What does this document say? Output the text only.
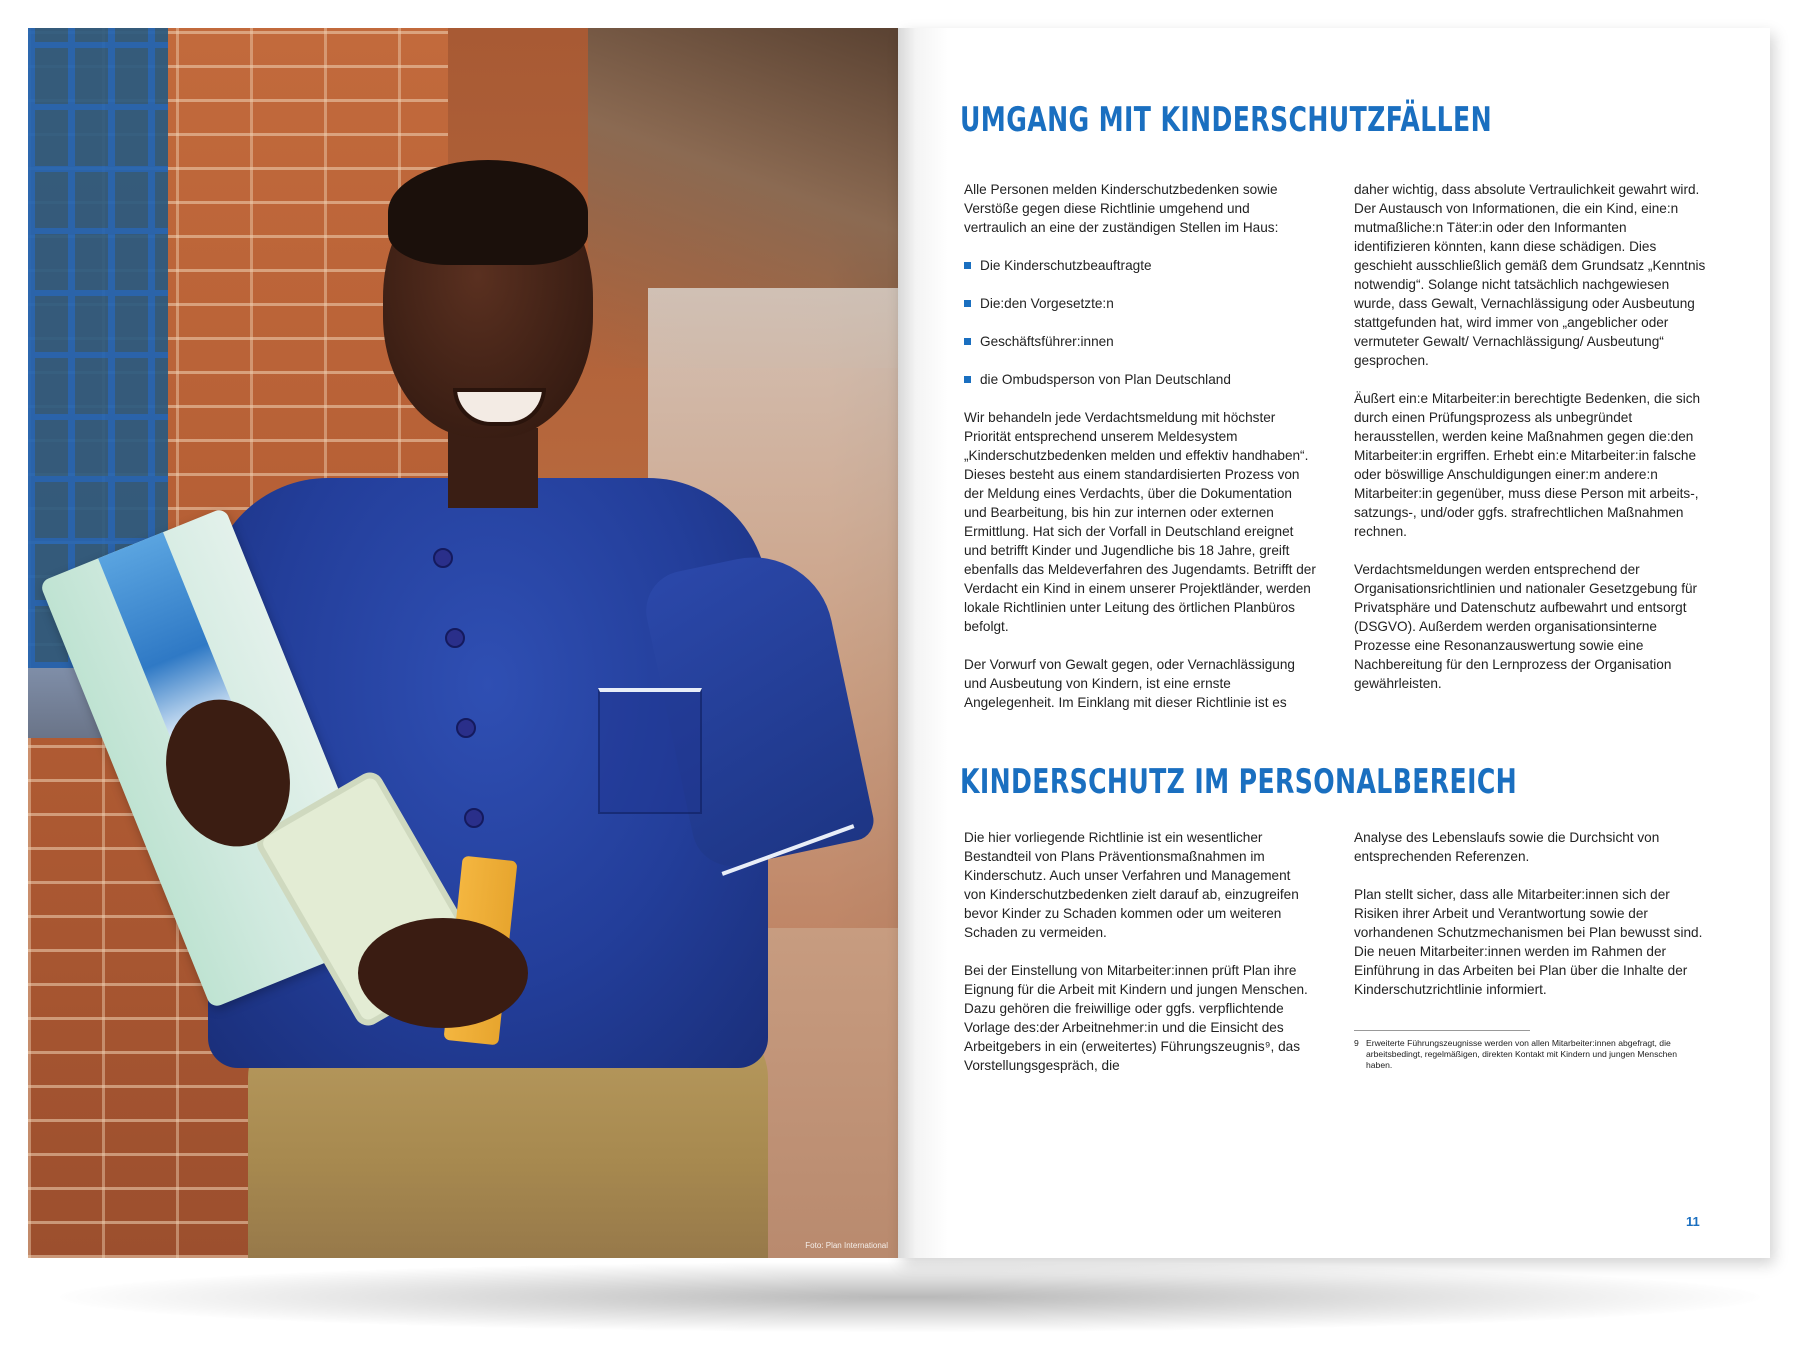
Foto: Plan International
UMGANG MIT KINDERSCHUTZFÄLLEN

Alle Personen melden Kinderschutzbedenken sowie Verstöße gegen diese Richtlinie umgehend und vertraulich an eine der zuständigen Stellen im Haus:

Die Kinderschutzbeauftragte
Die:den Vorgesetzte:n
Geschäftsführer:innen
die Ombudsperson von Plan Deutschland

Wir behandeln jede Verdachtsmeldung mit höchster Priorität entsprechend unserem Meldesystem „Kinderschutzbedenken melden und effektiv handhaben“. Dieses besteht aus einem standardisierten Prozess von der Meldung eines Verdachts, über die Dokumentation und Bearbeitung, bis hin zur internen oder externen Ermittlung. Hat sich der Vorfall in Deutschland ereignet und betrifft Kinder und Jugendliche bis 18 Jahre, greift ebenfalls das Meldeverfahren des Jugendamts. Betrifft der Verdacht ein Kind in einem unserer Projektländer, werden lokale Richtlinien unter Leitung des örtlichen Planbüros befolgt.

Der Vorwurf von Gewalt gegen, oder Vernachlässigung und Ausbeutung von Kindern, ist eine ernste Angelegenheit. Im Einklang mit dieser Richtlinie ist es

daher wichtig, dass absolute Vertraulichkeit gewahrt wird. Der Austausch von Informationen, die ein Kind, eine:n mutmaßliche:n Täter:in oder den Informanten identifizieren könnten, kann diese schädigen. Dies geschieht ausschließlich gemäß dem Grundsatz „Kenntnis notwendig“. Solange nicht tatsächlich nachgewiesen wurde, dass Gewalt, Vernachlässigung oder Ausbeutung stattgefunden hat, wird immer von „angeblicher oder vermuteter Gewalt/ Vernachlässigung/ Ausbeutung“ gesprochen.

Äußert ein:e Mitarbeiter:in berechtigte Bedenken, die sich durch einen Prüfungsprozess als unbegründet herausstellen, werden keine Maßnahmen gegen die:den Mitarbeiter:in ergriffen. Erhebt ein:e Mitarbeiter:in falsche oder böswillige Anschuldigungen einer:m andere:n Mitarbeiter:in gegenüber, muss diese Person mit arbeits-, satzungs-, und/oder ggfs. strafrechtlichen Maßnahmen rechnen.

Verdachtsmeldungen werden entsprechend der Organisationsrichtlinien und nationaler Gesetzgebung für Privatsphäre und Datenschutz aufbewahrt und entsorgt (DSGVO). Außerdem werden organisationsinterne Prozesse eine Resonanzauswertung sowie eine Nachbereitung für den Lernprozess der Organisation gewährleisten.

KINDERSCHUTZ IM PERSONALBEREICH

Die hier vorliegende Richtlinie ist ein wesentlicher Bestandteil von Plans Präventionsmaßnahmen im Kinderschutz. Auch unser Verfahren und Management von Kinderschutzbedenken zielt darauf ab, einzugreifen bevor Kinder zu Schaden kommen oder um weiteren Schaden zu vermeiden.

Bei der Einstellung von Mitarbeiter:innen prüft Plan ihre Eignung für die Arbeit mit Kindern und jungen Menschen. Dazu gehören die freiwillige oder ggfs. verpflichtende Vorlage des:der Arbeitnehmer:in und die Einsicht des Arbeitgebers in ein (erweitertes) Führungszeugnis⁹, das Vorstellungsgespräch, die

Analyse des Lebenslaufs sowie die Durchsicht von entsprechenden Referenzen.

Plan stellt sicher, dass alle Mitarbeiter:innen sich der Risiken ihrer Arbeit und Verantwortung sowie der vorhandenen Schutzmechanismen bei Plan bewusst sind. Die neuen Mitarbeiter:innen werden im Rahmen der Einführung in das Arbeiten bei Plan über die Inhalte der Kinderschutzrichtlinie informiert.

9 Erweiterte Führungszeugnisse werden von allen Mitarbeiter:innen abgefragt, die arbeitsbedingt, regelmäßigen, direkten Kontakt mit Kindern und jungen Menschen haben.
11
